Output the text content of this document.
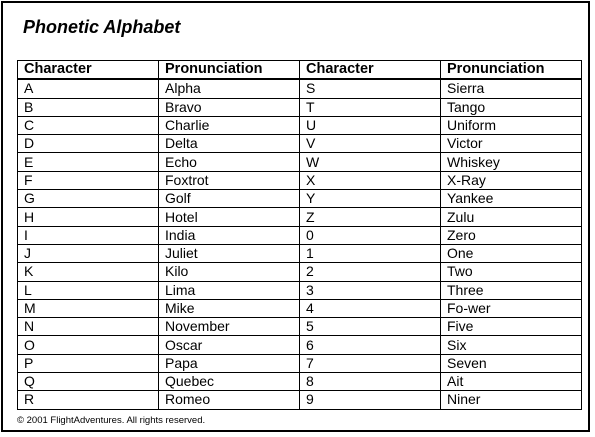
Phonetic Alphabet
Character	Pronunciation	Character	Pronunciation
A	Alpha	S	Sierra
B	Bravo	T	Tango
C	Charlie	U	Uniform
D	Delta	V	Victor
E	Echo	W	Whiskey
F	Foxtrot	X	X-Ray
G	Golf	Y	Yankee
H	Hotel	Z	Zulu
I	India	0	Zero
J	Juliet	1	One
K	Kilo	2	Two
L	Lima	3	Three
M	Mike	4	Fo-wer
N	November	5	Five
O	Oscar	6	Six
P	Papa	7	Seven
Q	Quebec	8	Ait
R	Romeo	9	Niner
© 2001 FlightAdventures. All rights reserved.
